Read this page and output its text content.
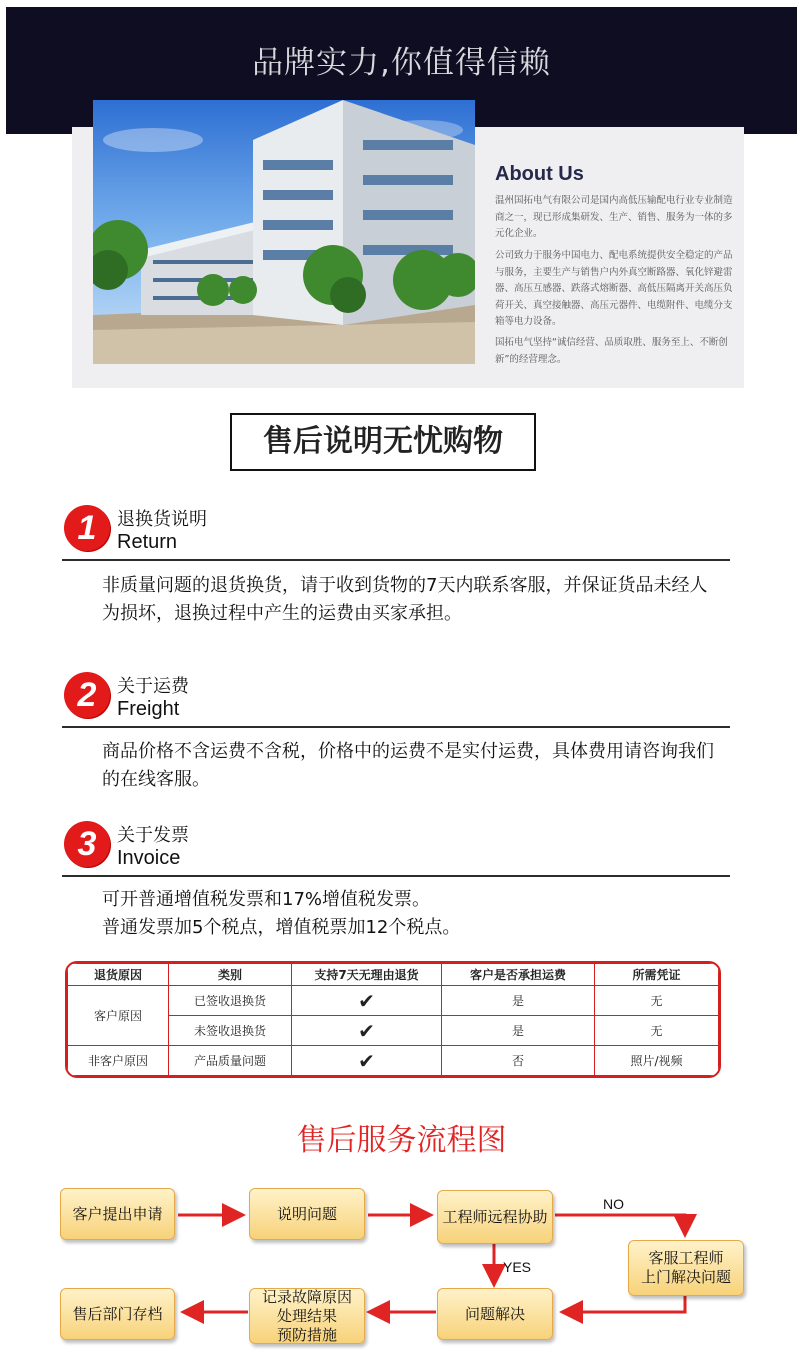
品牌实力,你值得信赖
About Us
温州国拓电气有限公司是国内高低压输配电行业专业制造商之一，现已形成集研发、生产、销售、服务为一体的多元化企业。
公司致力于服务中国电力、配电系统提供安全稳定的产品与服务，主要生产与销售户内外真空断路器、氧化锌避雷器、高压互感器、跌落式熔断器、高低压隔离开关高压负荷开关、真空接触器、高压元器件、电缆附件、电缆分支箱等电力设备。
国拓电气坚持“诚信经营、品质取胜、服务至上、不断创新”的经营理念。
售后说明无忧购物
1	退换货说明
Return
非质量问题的退货换货，请于收到货物的7天内联系客服，并保证货品未经人为损坏，退换过程中产生的运费由买家承担。
2	关于运费
Freight
商品价格不含运费不含税，价格中的运费不是实付运费，具体费用请咨询我们的在线客服。
3	关于发票
Invoice
可开普通增值税发票和17%增值税发票。
普通发票加5个税点，增值税票加12个税点。
退货原因	类别	支持7天无理由退货	客户是否承担运费	所需凭证
客户原因	已签收退换货	✔	是	无
	未签收退换货	✔	是	无
非客户原因	产品质量问题	✔	否	照片/视频
售后服务流程图
客户提出申请	说明问题	工程师远程协助
客服工程师
上门解决问题
问题解决
记录故障原因
处理结果
预防措施
售后部门存档
NO
YES
